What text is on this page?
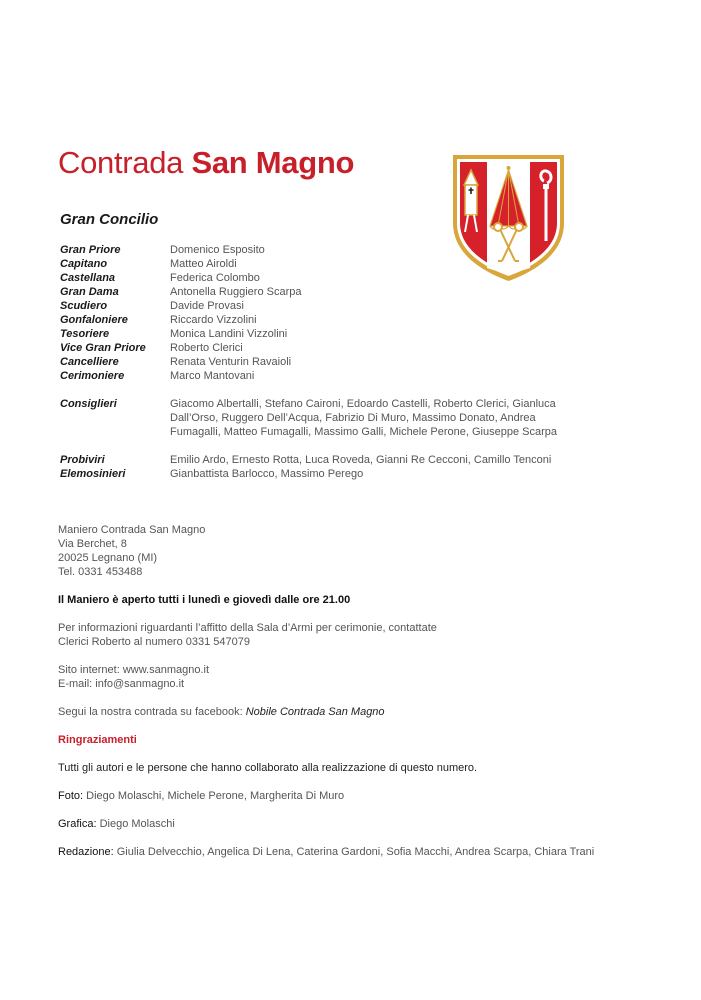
Contrada San Magno
Gran Concilio
Gran Priore	Domenico Esposito
Capitano	Matteo Airoldi
Castellana	Federica Colombo
Gran Dama	Antonella Ruggiero Scarpa
Scudiero	Davide Provasi
Gonfaloniere	Riccardo Vizzolini
Tesoriere	Monica Landini Vizzolini
Vice Gran Priore	Roberto Clerici
Cancelliere	Renata Venturin Ravaioli
Cerimoniere	Marco Mantovani
Consiglieri	Giacomo Albertalli, Stefano Caironi, Edoardo Castelli, Roberto Clerici, Gianluca
Dall’Orso, Ruggero Dell’Acqua, Fabrizio Di Muro, Massimo Donato, Andrea
Fumagalli, Matteo Fumagalli, Massimo Galli, Michele Perone, Giuseppe Scarpa
Probiviri	Emilio Ardo, Ernesto Rotta, Luca Roveda, Gianni Re Cecconi, Camillo Tenconi
Elemosinieri	Gianbattista Barlocco, Massimo Perego

Maniero Contrada San Magno

Via Berchet, 8

20025 Legnano (MI)

Tel. 0331 453488

Il Maniero è aperto tutti i lunedì e giovedì dalle ore 21.00

Per informazioni riguardanti l’affitto della Sala d’Armi per cerimonie, contattate

Clerici Roberto al numero 0331 547079

Sito internet: www.sanmagno.it

E-mail: info@sanmagno.it

Segui la nostra contrada su facebook: Nobile Contrada San Magno

Ringraziamenti

Tutti gli autori e le persone che hanno collaborato alla realizzazione di questo numero.

Foto: Diego Molaschi, Michele Perone, Margherita Di Muro

Grafica: Diego Molaschi

Redazione: Giulia Delvecchio, Angelica Di Lena, Caterina Gardoni, Sofia Macchi, Andrea Scarpa, Chiara Trani
